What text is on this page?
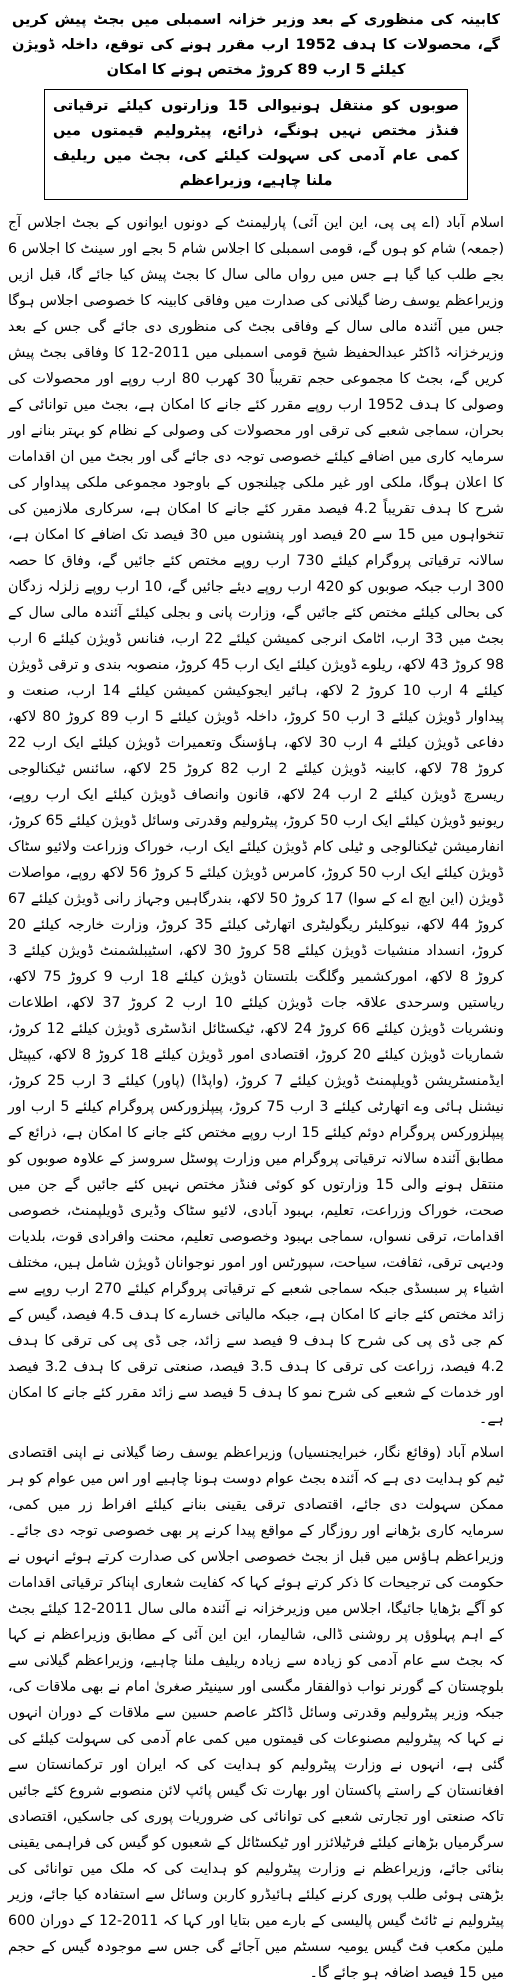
کابینہ کی منظوری کے بعد وزیر خزانہ اسمبلی میں بجٹ پیش کریں گے، محصولات کا ہدف 1952 ارب مقرر ہونے کی توقع، داخلہ ڈویژن کیلئے 5 ارب 89 کروڑ مختص ہونے کا امکان
صوبوں کو منتقل ہونیوالی 15 وزارتوں کیلئے ترقیاتی فنڈز مختص نہیں ہونگے، ذرائع، پیٹرولیم قیمتوں میں کمی عام آدمی کی سہولت کیلئے کی، بجٹ میں ریلیف ملنا چاہیے، وزیراعظم

اسلام آباد (اے پی پی، این این آئی) پارلیمنٹ کے دونوں ایوانوں کے بجٹ اجلاس آج (جمعہ) شام کو ہوں گے، قومی اسمبلی کا اجلاس شام 5 بجے اور سینٹ کا اجلاس 6 بجے طلب کیا گیا ہے جس میں رواں مالی سال کا بجٹ پیش کیا جائے گا، قبل ازیں وزیراعظم یوسف رضا گیلانی کی صدارت میں وفاقی کابینہ کا خصوصی اجلاس ہوگا جس میں آئندہ مالی سال کے وفاقی بجٹ کی منظوری دی جائے گی جس کے بعد وزیرخزانہ ڈاکٹر عبدالحفیظ شیخ قومی اسمبلی میں 2011-12 کا وفاقی بجٹ پیش کریں گے، بجٹ کا مجموعی حجم تقریباً 30 کھرب 80 ارب روپے اور محصولات کی وصولی کا ہدف 1952 ارب روپے مقرر کئے جانے کا امکان ہے، بجٹ میں توانائی کے بحران، سماجی شعبے کی ترقی اور محصولات کی وصولی کے نظام کو بہتر بنانے اور سرمایہ کاری میں اضافے کیلئے خصوصی توجہ دی جائے گی اور بجٹ میں ان اقدامات کا اعلان ہوگا، ملکی اور غیر ملکی چیلنجوں کے باوجود مجموعی ملکی پیداوار کی شرح کا ہدف تقریباً 4.2 فیصد مقرر کئے جانے کا امکان ہے، سرکاری ملازمین کی تنخواہوں میں 15 سے 20 فیصد اور پنشنوں میں 30 فیصد تک اضافے کا امکان ہے، سالانہ ترقیاتی پروگرام کیلئے 730 ارب روپے مختص کئے جائیں گے، وفاق کا حصہ 300 ارب جبکہ صوبوں کو 420 ارب روپے دیئے جائیں گے، 10 ارب روپے زلزلہ زدگان کی بحالی کیلئے مختص کئے جائیں گے، وزارت پانی و بجلی کیلئے آئندہ مالی سال کے بجٹ میں 33 ارب، اٹامک انرجی کمیشن کیلئے 22 ارب، فنانس ڈویژن کیلئے 6 ارب 98 کروڑ 43 لاکھ، ریلوے ڈویژن کیلئے ایک ارب 45 کروڑ، منصوبہ بندی و ترقی ڈویژن کیلئے 4 ارب 10 کروڑ 2 لاکھ، ہائیر ایجوکیشن کمیشن کیلئے 14 ارب، صنعت و پیداوار ڈویژن کیلئے 3 ارب 50 کروڑ، داخلہ ڈویژن کیلئے 5 ارب 89 کروڑ 80 لاکھ، دفاعی ڈویژن کیلئے 4 ارب 30 لاکھ، ہاؤسنگ وتعمیرات ڈویژن کیلئے ایک ارب 22 کروڑ 78 لاکھ، کابینہ ڈویژن کیلئے 2 ارب 82 کروڑ 25 لاکھ، سائنس ٹیکنالوجی ریسرچ ڈویژن کیلئے 2 ارب 24 لاکھ، قانون وانصاف ڈویژن کیلئے ایک ارب روپے، ریونیو ڈویژن کیلئے ایک ارب 50 کروڑ، پیٹرولیم وقدرتی وسائل ڈویژن کیلئے 65 کروڑ، انفارمیشن ٹیکنالوجی و ٹیلی کام ڈویژن کیلئے ایک ارب، خوراک وزراعت ولائیو سٹاک ڈویژن کیلئے ایک ارب 50 کروڑ، کامرس ڈویژن کیلئے 5 کروڑ 56 لاکھ روپے، مواصلات ڈویژن (این ایچ اے کے سوا) 17 کروڑ 50 لاکھ، بندرگاہیں وجہاز رانی ڈویژن کیلئے 67 کروڑ 44 لاکھ، نیوکلیئر ریگولیٹری اتھارٹی کیلئے 35 کروڑ، وزارت خارجہ کیلئے 20 کروڑ، انسداد منشیات ڈویژن کیلئے 58 کروڑ 30 لاکھ، اسٹیبلشمنٹ ڈویژن کیلئے 3 کروڑ 8 لاکھ، امورکشمیر وگلگت بلتستان ڈویژن کیلئے 18 ارب 9 کروڑ 75 لاکھ، ریاستیں وسرحدی علاقہ جات ڈویژن کیلئے 10 ارب 2 کروڑ 37 لاکھ، اطلاعات ونشریات ڈویژن کیلئے 66 کروڑ 24 لاکھ، ٹیکسٹائل انڈسٹری ڈویژن کیلئے 12 کروڑ، شماریات ڈویژن کیلئے 20 کروڑ، اقتصادی امور ڈویژن کیلئے 18 کروڑ 8 لاکھ، کیپیٹل ایڈمنسٹریشن ڈویلپمنٹ ڈویژن کیلئے 7 کروڑ، (واپڈا) (پاور) کیلئے 3 ارب 25 کروڑ، نیشنل ہائی وے اتھارٹی کیلئے 3 ارب 75 کروڑ، پیپلزورکس پروگرام کیلئے 5 ارب اور پیپلزورکس پروگرام دوئم کیلئے 15 ارب روپے مختص کئے جانے کا امکان ہے، ذرائع کے مطابق آئندہ سالانہ ترقیاتی پروگرام میں وزارت پوسٹل سروسز کے علاوہ صوبوں کو منتقل ہونے والی 15 وزارتوں کو کوئی فنڈز مختص نہیں کئے جائیں گے جن میں صحت، خوراک وزراعت، تعلیم، بہبود آبادی، لائیو سٹاک وڈیری ڈویلپمنٹ، خصوصی اقدامات، ترقی نسواں، سماجی بہبود وخصوصی تعلیم، محنت وافرادی قوت، بلدیات ودیہی ترقی، ثقافت، سیاحت، سپورٹس اور امور نوجوانان ڈویژن شامل ہیں، مختلف اشیاء پر سبسڈی جبکہ سماجی شعبے کے ترقیاتی پروگرام کیلئے 270 ارب روپے سے زائد مختص کئے جانے کا امکان ہے، جبکہ مالیاتی خسارے کا ہدف 4.5 فیصد، گیس کے کم جی ڈی پی کی شرح کا ہدف 9 فیصد سے زائد، جی ڈی پی کی ترقی کا ہدف 4.2 فیصد، زراعت کی ترقی کا ہدف 3.5 فیصد، صنعتی ترقی کا ہدف 3.2 فیصد اور خدمات کے شعبے کی شرح نمو کا ہدف 5 فیصد سے زائد مقرر کئے جانے کا امکان ہے۔

اسلام آباد (وقائع نگار، خبرایجنسیاں) وزیراعظم یوسف رضا گیلانی نے اپنی اقتصادی ٹیم کو ہدایت دی ہے کہ آئندہ بجٹ عوام دوست ہونا چاہیے اور اس میں عوام کو ہر ممکن سہولت دی جائے، اقتصادی ترقی یقینی بنانے کیلئے افراط زر میں کمی، سرمایہ کاری بڑھانے اور روزگار کے مواقع پیدا کرنے پر بھی خصوصی توجہ دی جائے۔ وزیراعظم ہاؤس میں قبل از بجٹ خصوصی اجلاس کی صدارت کرتے ہوئے انہوں نے حکومت کی ترجیحات کا ذکر کرتے ہوئے کہا کہ کفایت شعاری اپناکر ترقیاتی اقدامات کو آگے بڑھایا جائیگا، اجلاس میں وزیرخزانہ نے آئندہ مالی سال 2011-12 کیلئے بجٹ کے اہم پہلوؤں پر روشنی ڈالی، شالیمار، این این آئی کے مطابق وزیراعظم نے کہا کہ بجٹ سے عام آدمی کو زیادہ سے زیادہ ریلیف ملنا چاہیے، وزیراعظم گیلانی سے بلوچستان کے گورنر نواب ذوالفقار مگسی اور سینیٹر صغریٰ امام نے بھی ملاقات کی، جبکہ وزیر پیٹرولیم وقدرتی وسائل ڈاکٹر عاصم حسین سے ملاقات کے دوران انہوں نے کہا کہ پیٹرولیم مصنوعات کی قیمتوں میں کمی عام آدمی کی سہولت کیلئے کی گئی ہے، انہوں نے وزارت پیٹرولیم کو ہدایت کی کہ ایران اور ترکمانستان سے افغانستان کے راستے پاکستان اور بھارت تک گیس پائپ لائن منصوبے شروع کئے جائیں تاکہ صنعتی اور تجارتی شعبے کی توانائی کی ضروریات پوری کی جاسکیں، اقتصادی سرگرمیاں بڑھانے کیلئے فرٹیلائزر اور ٹیکسٹائل کے شعبوں کو گیس کی فراہمی یقینی بنائی جائے، وزیراعظم نے وزارت پیٹرولیم کو ہدایت کی کہ ملک میں توانائی کی بڑھتی ہوئی طلب پوری کرنے کیلئے ہائیڈرو کاربن وسائل سے استفادہ کیا جائے، وزیر پیٹرولیم نے ٹائٹ گیس پالیسی کے بارے میں بتایا اور کہا کہ 2011-12 کے دوران 600 ملین مکعب فٹ گیس یومیہ سسٹم میں آجائے گی جس سے موجودہ گیس کے حجم میں 15 فیصد اضافہ ہو جائے گا۔
